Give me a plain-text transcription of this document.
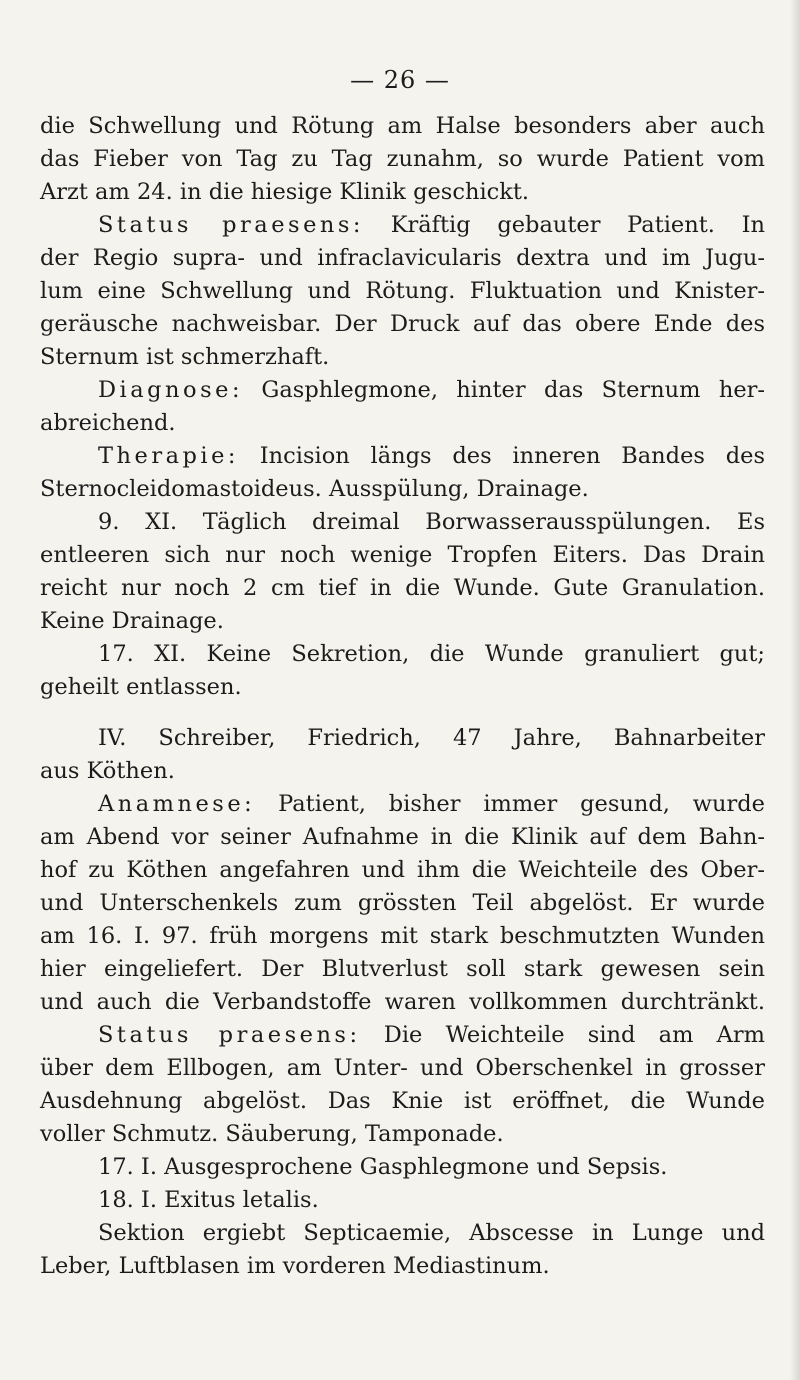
— 26 —
die Schwellung und Rötung am Halse besonders aber auch
das Fieber von Tag zu Tag zunahm, so wurde Patient vom
Arzt am 24. in die hiesige Klinik geschickt.
Status praesens: Kräftig gebauter Patient. In
der Regio supra- und infraclavicularis dextra und im Jugu-
lum eine Schwellung und Rötung. Fluktuation und Knister-
geräusche nachweisbar. Der Druck auf das obere Ende des
Sternum ist schmerzhaft.
Diagnose: Gasphlegmone, hinter das Sternum her-
abreichend.
Therapie: Incision längs des inneren Bandes des
Sternocleidomastoideus. Ausspülung, Drainage.
9. XI. Täglich dreimal Borwasserausspülungen. Es
entleeren sich nur noch wenige Tropfen Eiters. Das Drain
reicht nur noch 2 cm tief in die Wunde. Gute Granulation.
Keine Drainage.
17. XI. Keine Sekretion, die Wunde granuliert gut;
geheilt entlassen.
IV. Schreiber, Friedrich, 47 Jahre, Bahnarbeiter
aus Köthen.
Anamnese: Patient, bisher immer gesund, wurde
am Abend vor seiner Aufnahme in die Klinik auf dem Bahn-
hof zu Köthen angefahren und ihm die Weichteile des Ober-
und Unterschenkels zum grössten Teil abgelöst. Er wurde
am 16. I. 97. früh morgens mit stark beschmutzten Wunden
hier eingeliefert. Der Blutverlust soll stark gewesen sein
und auch die Verbandstoffe waren vollkommen durchtränkt.
Status praesens: Die Weichteile sind am Arm
über dem Ellbogen, am Unter- und Oberschenkel in grosser
Ausdehnung abgelöst. Das Knie ist eröffnet, die Wunde
voller Schmutz. Säuberung, Tamponade.
17. I. Ausgesprochene Gasphlegmone und Sepsis.
18. I. Exitus letalis.
Sektion ergiebt Septicaemie, Abscesse in Lunge und
Leber, Luftblasen im vorderen Mediastinum.
